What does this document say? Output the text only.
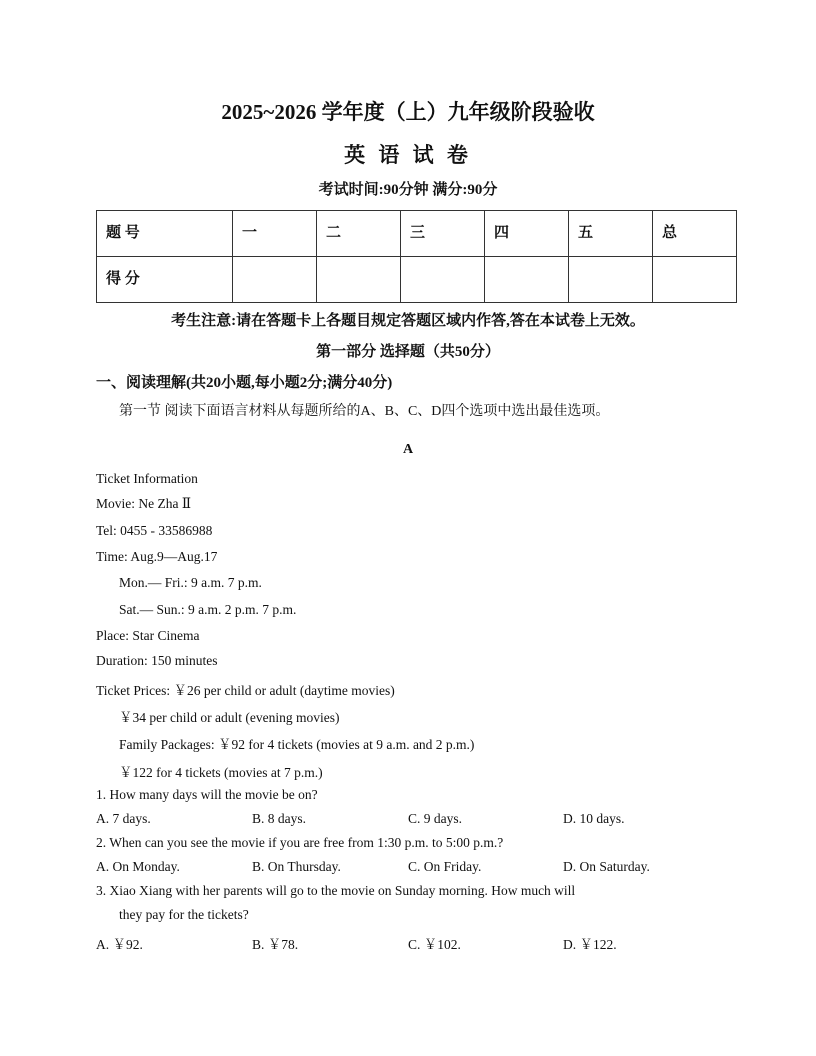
2025~2026 学年度（上）九年级阶段验收
英 语 试 卷
考试时间:90分钟 满分:90分
题 号	一	二	三	四	五	总
得 分						
考生注意:请在答题卡上各题目规定答题区域内作答,答在本试卷上无效。
第一部分 选择题（共50分）
一、阅读理解(共20小题,每小题2分;满分40分)
第一节 阅读下面语言材料从每题所给的A、B、C、D四个选项中选出最佳选项。
A
Ticket Information
Movie: Ne Zha Ⅱ
Tel: 0455 - 33586988
Time: Aug.9—Aug.17
Mon.— Fri.: 9 a.m. 7 p.m.
Sat.— Sun.: 9 a.m. 2 p.m. 7 p.m.
Place: Star Cinema
Duration: 150 minutes
Ticket Prices: ￥26 per child or adult (daytime movies)
￥34 per child or adult (evening movies)
Family Packages: ￥92 for 4 tickets (movies at 9 a.m. and 2 p.m.)
￥122 for 4 tickets (movies at 7 p.m.)
1. How many days will the movie be on?
A. 7 days.	B. 8 days.	C. 9 days.	D. 10 days.
2. When can you see the movie if you are free from 1:30 p.m. to 5:00 p.m.?
A. On Monday.	B. On Thursday.	C. On Friday.	D. On Saturday.
3. Xiao Xiang with her parents will go to the movie on Sunday morning. How much will
they pay for the tickets?
A. ￥92.	B. ￥78.	C. ￥102.	D. ￥122.
